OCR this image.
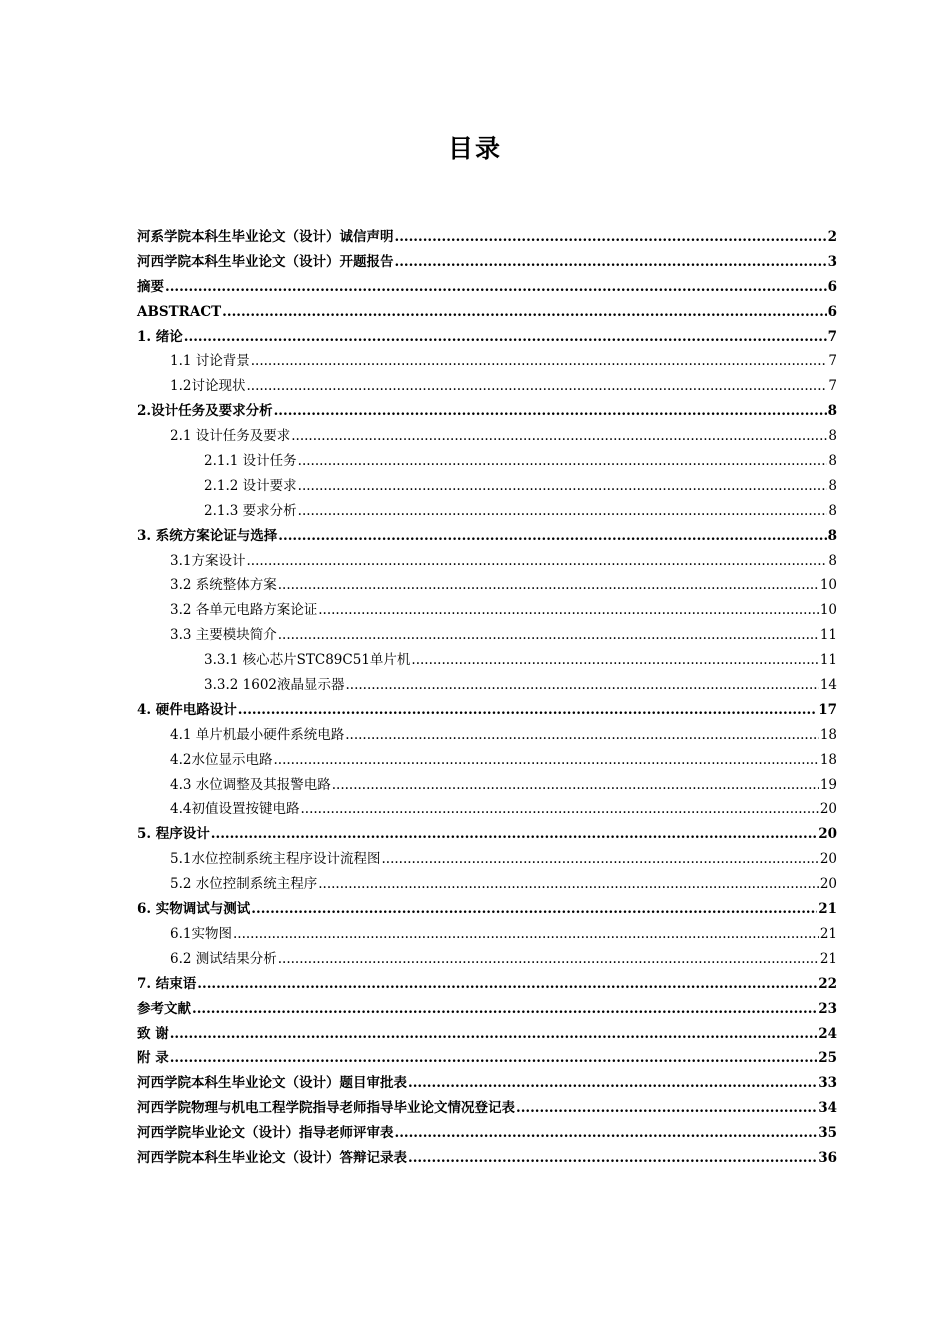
目录
河系学院本科生毕业论文（设计）诚信声明 .....	2
河西学院本科生毕业论文（设计）开题报告 .....	3
摘要 .....	6
ABSTRACT .....	6
1. 绪论 .....	7
1.1 讨论背景 .....	7
1.2讨论现状 .....	7
2.设计任务及要求分析 .....	8
2.1 设计任务及要求 .....	8
2.1.1 设计任务 .....	8
2.1.2 设计要求 .....	8
2.1.3 要求分析 .....	8
3. 系统方案论证与选择 .....	8
3.1方案设计 .....	8
3.2 系统整体方案 .....	10
3.2 各单元电路方案论证 .....	10
3.3 主要模块简介 .....	11
3.3.1 核心芯片STC89C51单片机 .....	11
3.3.2 1602液晶显示器 .....	14
4. 硬件电路设计 .....	17
4.1 单片机最小硬件系统电路 .....	18
4.2水位显示电路 .....	18
4.3 水位调整及其报警电路 .....	19
4.4初值设置按键电路 .....	20
5. 程序设计 .....	20
5.1水位控制系统主程序设计流程图 .....	20
5.2 水位控制系统主程序 .....	20
6. 实物调试与测试 .....	21
6.1实物图 .....	21
6.2 测试结果分析 .....	21
7. 结束语 .....	22
参考文献 .....	23
致 谢 .....	24
附 录 .....	25
河西学院本科生毕业论文（设计）题目审批表 .....	33
河西学院物理与机电工程学院指导老师指导毕业论文情况登记表 .....	34
河西学院毕业论文（设计）指导老师评审表 .....	35
河西学院本科生毕业论文（设计）答辩记录表 .....	36
